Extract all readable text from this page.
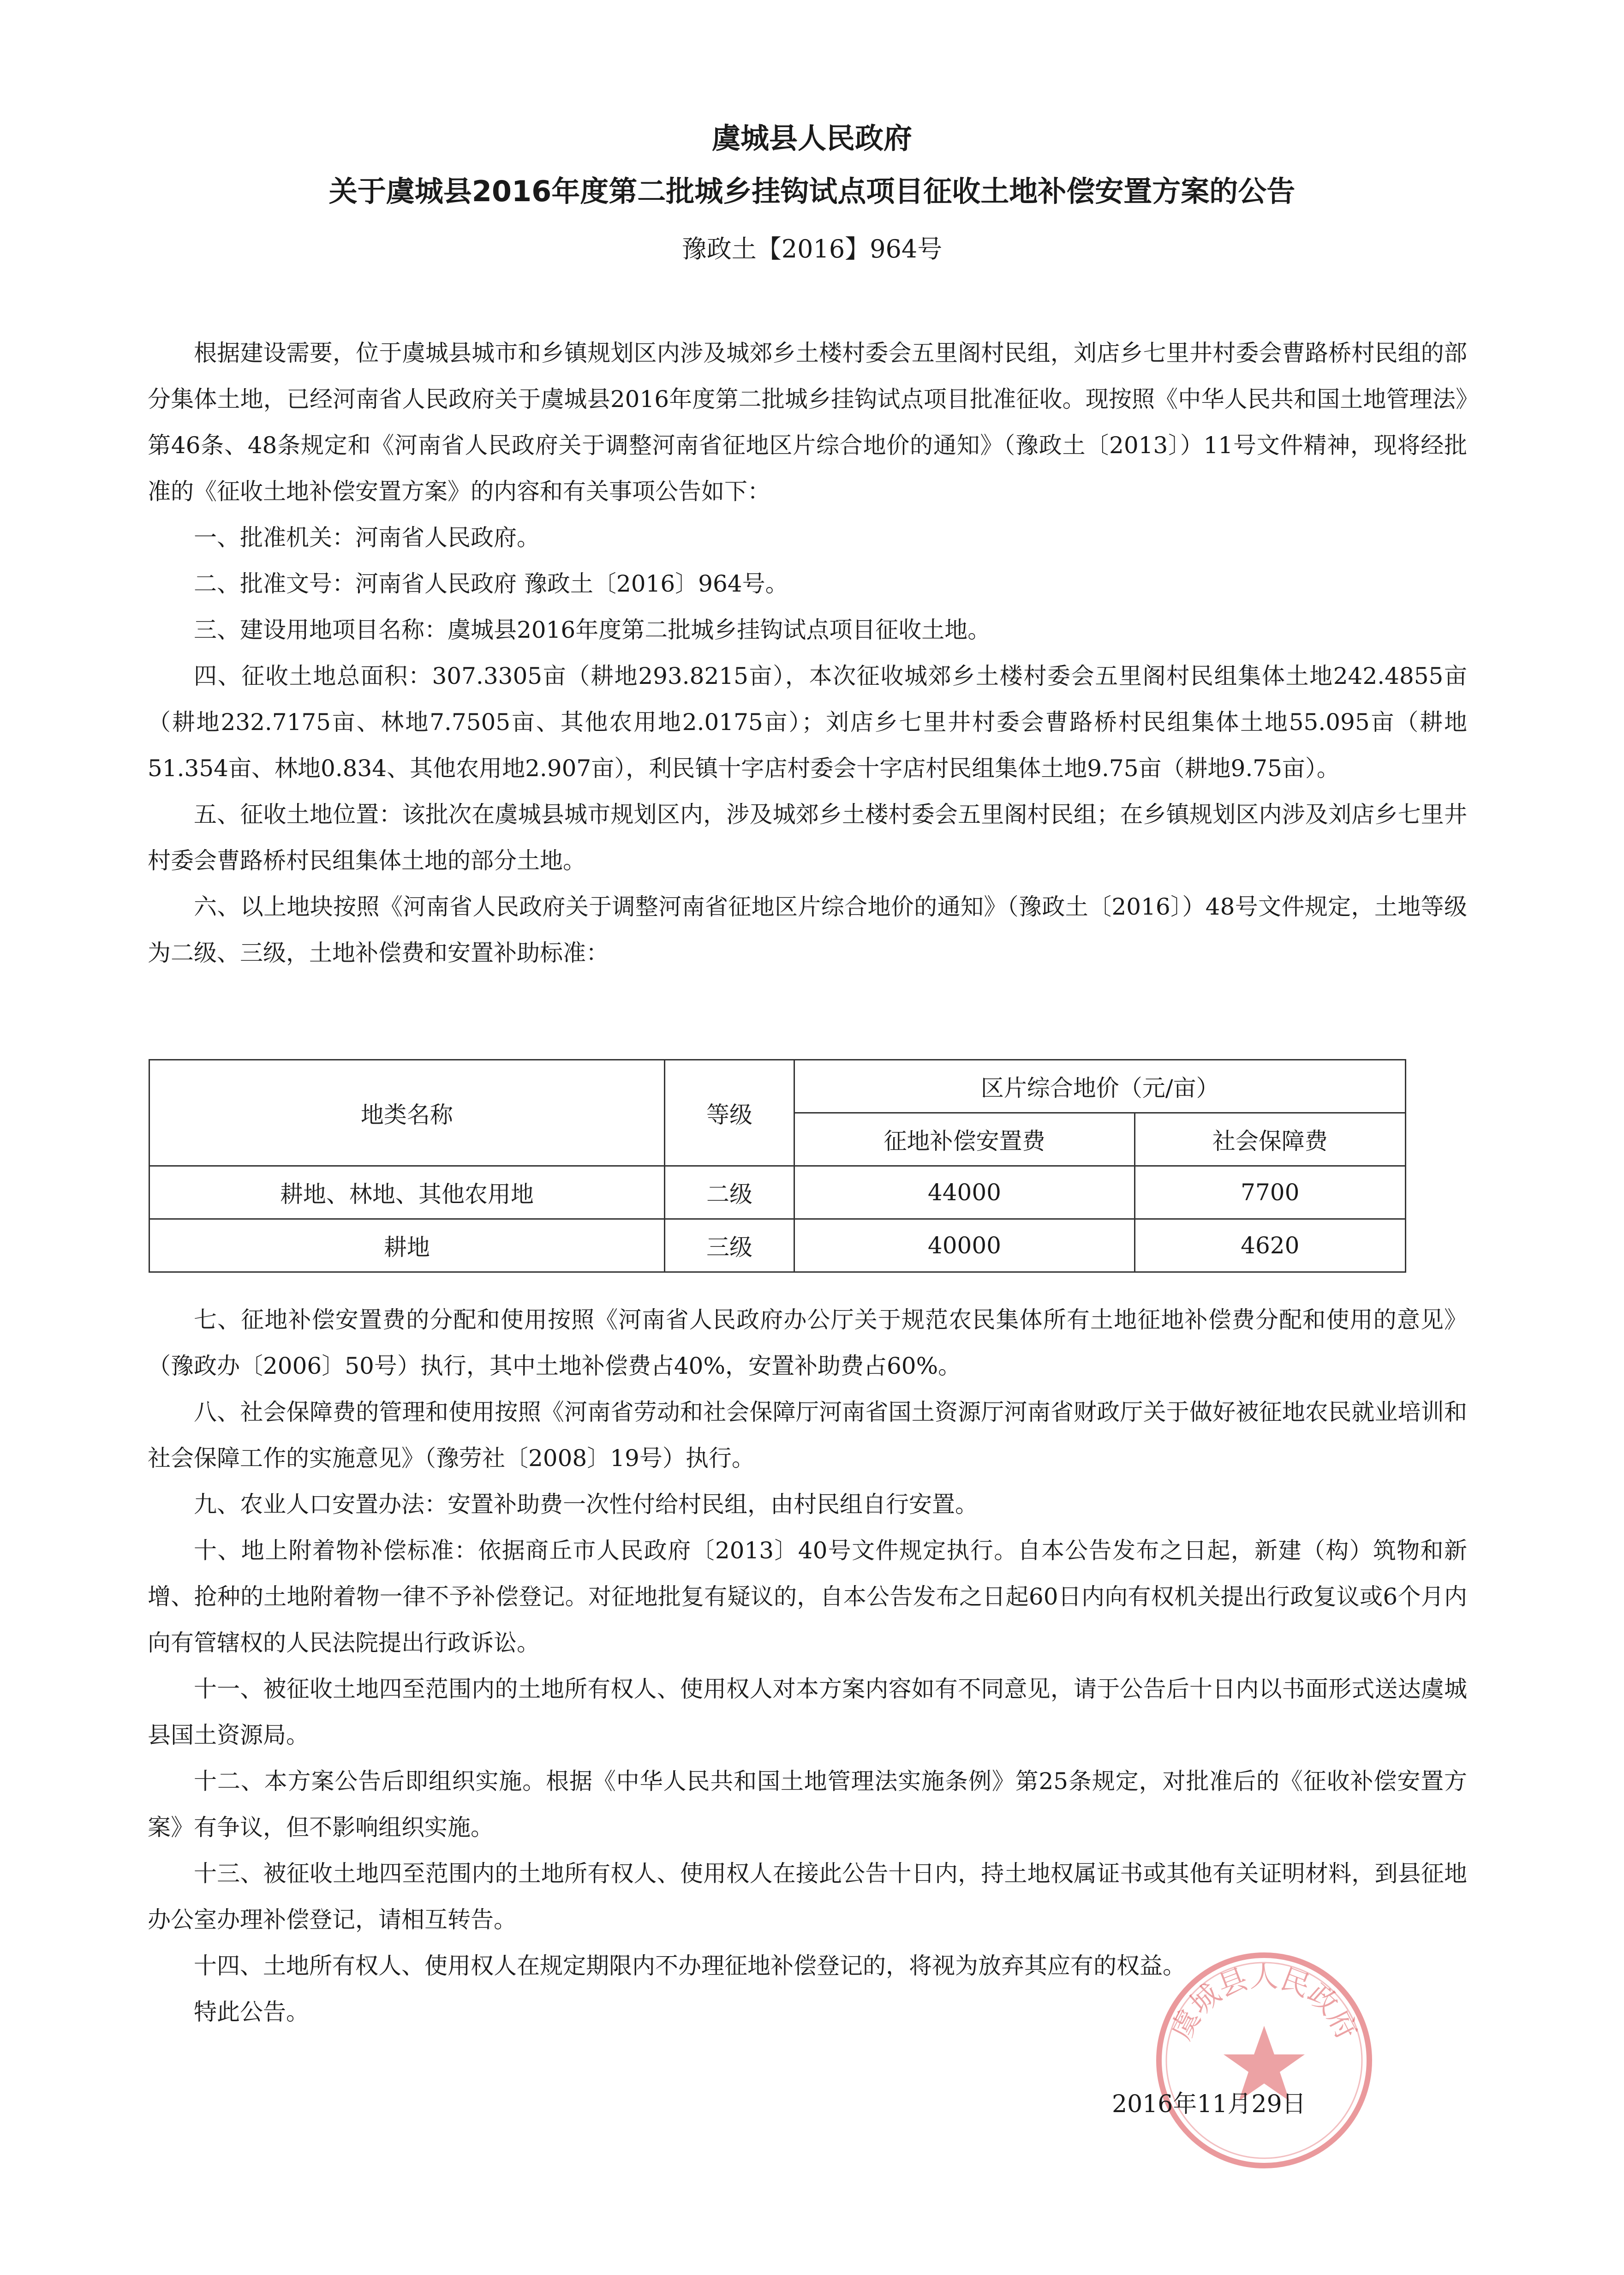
虞城县人民政府
关于虞城县2016年度第二批城乡挂钩试点项目征收土地补偿安置方案的公告
豫政土【2016】964号

根据建设需要，位于虞城县城市和乡镇规划区内涉及城郊乡土楼村委会五里阁村民组，刘店乡七里井村委会曹路桥村民组的部分集体土地，已经河南省人民政府关于虞城县2016年度第二批城乡挂钩试点项目批准征收。现按照《中华人民共和国土地管理法》第46条、48条规定和《河南省人民政府关于调整河南省征地区片综合地价的通知》（豫政土〔2013〕）11号文件精神，现将经批准的《征收土地补偿安置方案》的内容和有关事项公告如下：

一、批准机关：河南省人民政府。

二、批准文号：河南省人民政府 豫政土〔2016〕964号。

三、建设用地项目名称：虞城县2016年度第二批城乡挂钩试点项目征收土地。

四、征收土地总面积：307.3305亩（耕地293.8215亩），本次征收城郊乡土楼村委会五里阁村民组集体土地242.4855亩（耕地232.7175亩、林地7.7505亩、其他农用地2.0175亩）；刘店乡七里井村委会曹路桥村民组集体土地55.095亩（耕地51.354亩、林地0.834、其他农用地2.907亩），利民镇十字店村委会十字店村民组集体土地9.75亩（耕地9.75亩）。

五、征收土地位置：该批次在虞城县城市规划区内，涉及城郊乡土楼村委会五里阁村民组；在乡镇规划区内涉及刘店乡七里井村委会曹路桥村民组集体土地的部分土地。

六、以上地块按照《河南省人民政府关于调整河南省征地区片综合地价的通知》（豫政土〔2016〕）48号文件规定，土地等级为二级、三级，土地补偿费和安置补助标准：

地类名称	等级	区片综合地价（元/亩）	
		征地补偿安置费	社会保障费
耕地、林地、其他农用地	二级	44000	7700
耕地	三级	40000	4620

七、征地补偿安置费的分配和使用按照《河南省人民政府办公厅关于规范农民集体所有土地征地补偿费分配和使用的意见》（豫政办〔2006〕50号）执行，其中土地补偿费占40%，安置补助费占60%。

八、社会保障费的管理和使用按照《河南省劳动和社会保障厅河南省国土资源厅河南省财政厅关于做好被征地农民就业培训和社会保障工作的实施意见》（豫劳社〔2008〕19号）执行。

九、农业人口安置办法：安置补助费一次性付给村民组，由村民组自行安置。

十、地上附着物补偿标准：依据商丘市人民政府〔2013〕40号文件规定执行。自本公告发布之日起，新建（构）筑物和新增、抢种的土地附着物一律不予补偿登记。对征地批复有疑议的，自本公告发布之日起60日内向有权机关提出行政复议或6个月内向有管辖权的人民法院提出行政诉讼。

十一、被征收土地四至范围内的土地所有权人、使用权人对本方案内容如有不同意见，请于公告后十日内以书面形式送达虞城县国土资源局。

十二、本方案公告后即组织实施。根据《中华人民共和国土地管理法实施条例》第25条规定，对批准后的《征收补偿安置方案》有争议，但不影响组织实施。

十三、被征收土地四至范围内的土地所有权人、使用权人在接此公告十日内，持土地权属证书或其他有关证明材料，到县征地办公室办理补偿登记，请相互转告。

十四、土地所有权人、使用权人在规定期限内不办理征地补偿登记的，将视为放弃其应有的权益。

特此公告。	虞城县人民政府
2016年11月29日
